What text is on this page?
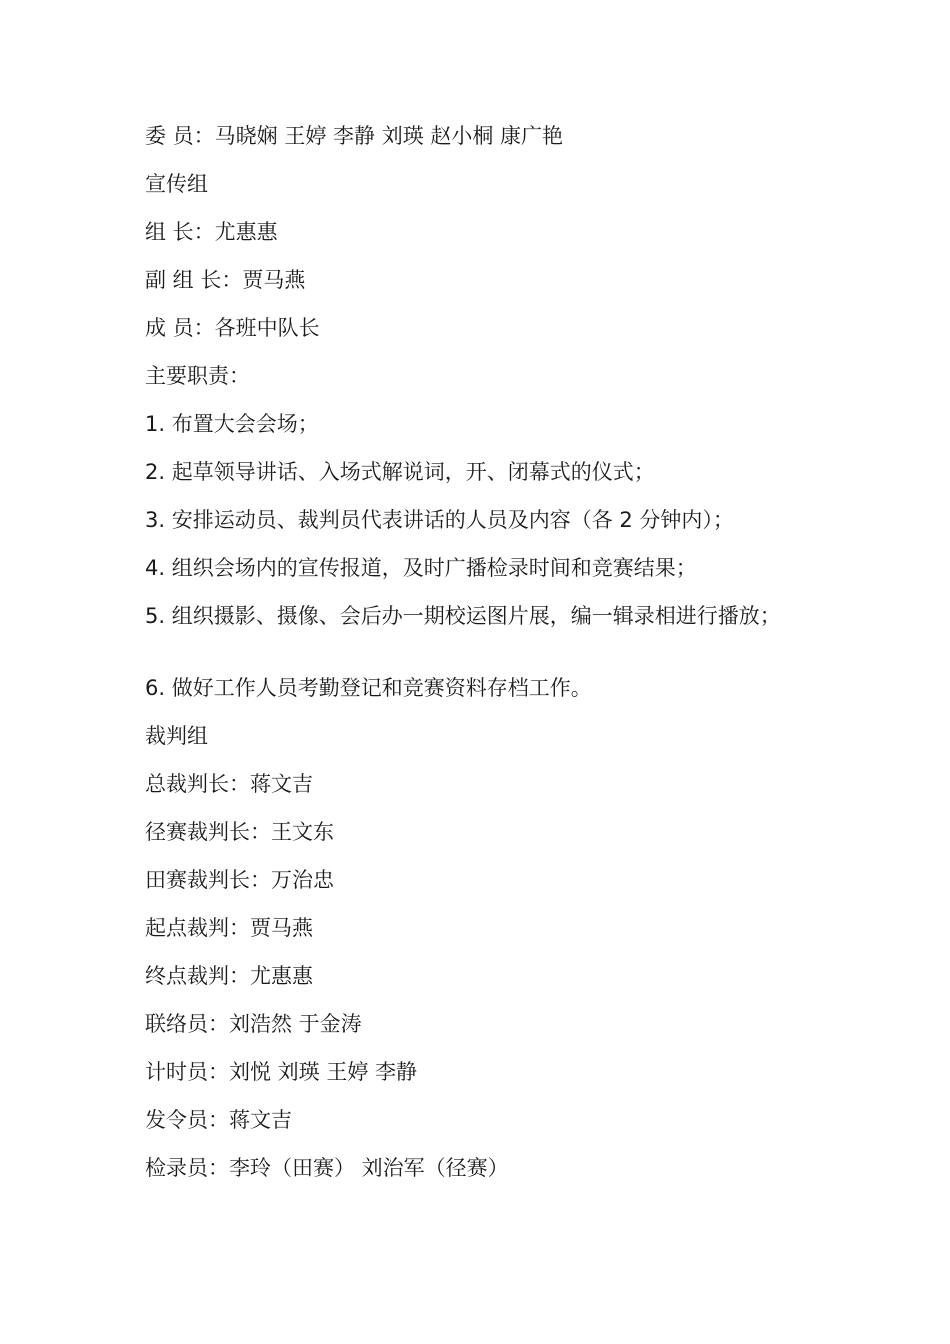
委 员：马晓娴 王婷 李静 刘瑛 赵小桐 康广艳
宣传组
组 长：尤惠惠
副 组 长：贾马燕
成 员：各班中队长
主要职责：
1. 布置大会会场；
2. 起草领导讲话、入场式解说词，开、闭幕式的仪式；
3. 安排运动员、裁判员代表讲话的人员及内容（各 2 分钟内）；
4. 组织会场内的宣传报道，及时广播检录时间和竞赛结果；
5. 组织摄影、摄像、会后办一期校运图片展，编一辑录相进行播放；
6. 做好工作人员考勤登记和竞赛资料存档工作。
裁判组
总裁判长：蒋文吉
径赛裁判长：王文东
田赛裁判长：万治忠
起点裁判：贾马燕
终点裁判：尤惠惠
联络员：刘浩然 于金涛
计时员：刘悦 刘瑛 王婷 李静
发令员：蒋文吉
检录员：李玲（田赛） 刘治军（径赛）
